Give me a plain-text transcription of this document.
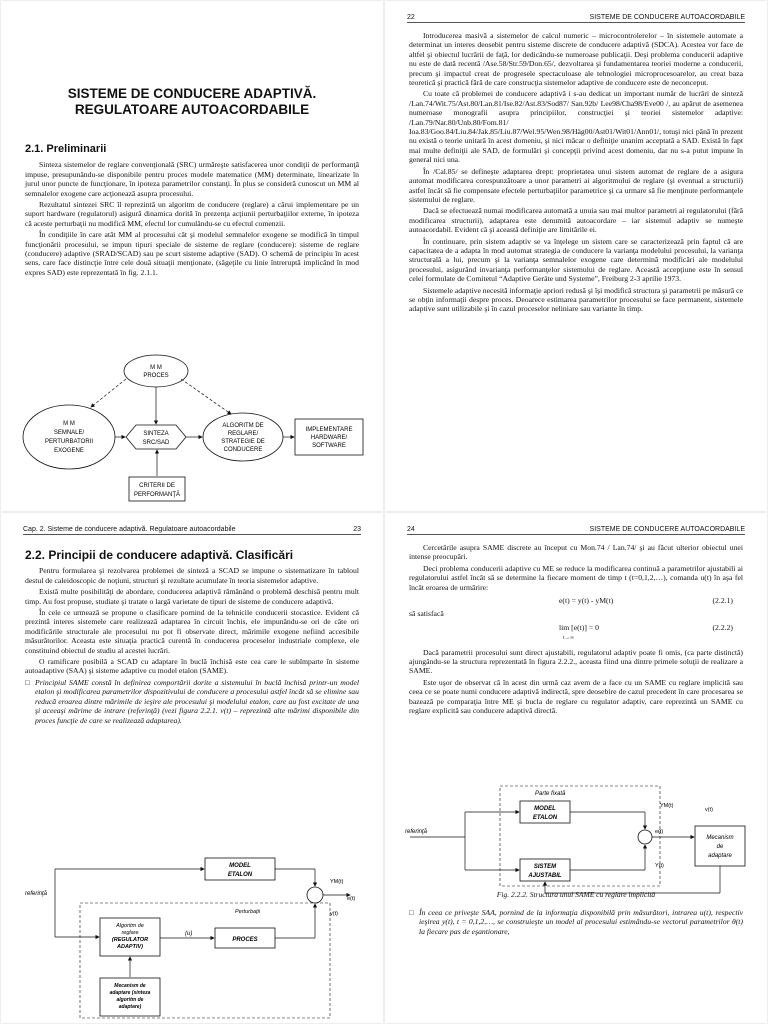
SISTEME DE CONDUCERE ADAPTIVĂ.
REGULATOARE AUTOACORDABILE
2.1. Preliminarii

Sinteza sistemelor de reglare convenţională (SRC) urmăreşte satisfacerea unor condiţii de performanţă impuse, presupunându-se disponibile pentru proces modele matematice (MM) determinate, linearizate în jurul unor puncte de funcţionare, în ipoteza parametrilor constanţi. În plus se consideră cunoscut un MM al semnalelor exogene care acţionează asupra procesului.

Rezultatul sintezei SRC îl reprezintă un algoritm de conducere (reglare) a cărui implementare pe un suport hardware (regulatorul) asigură dinamica dorită în prezenţa acţiunii perturbaţiilor externe, în ipoteza că aceste perturbaţii nu modifică MM, efectul lor cumulându-se cu efectul comenzii.

În condiţiile în care atât MM al procesului cât şi modelul semnalelor exogene se modifică în timpul funcţionării procesului, se impun tipuri speciale de sisteme de reglare (conducere): sisteme de reglare (conducere) adaptive (SRAD/SCAD) sau pe scurt sisteme adaptive (SAD). O schemă de principiu în acest sens, care face distincţie între cele două situaţii menţionate, (săgeţile cu linie întreruptă implicând în mod expres SAD) este reprezentată în fig. 2.1.1.

M M PROCES
M M SEMNALE/ PERTURBATORII EXOGENE
SINTEZA SRC/SAD
ALGORITM DE REGLARE/ STRATEGIE DE CONDUCERE
IMPLEMENTARE HARDWARE/ SOFTWARE
CRITERII DE PERFORMANŢĂ
22	SISTEME DE CONDUCERE AUTOACORDABILE

Introducerea masivă a sistemelor de calcul numeric – microcontrolerelor – în sistemele automate a determinat un interes deosebit pentru sisteme discrete de conducere adaptivă (SDCA). Acestea vor face de altfel şi obiectul lucrării de faţă, lor dedicându-se numeroase publicaţii. Deşi problema conducerii adaptive nu este de dată recentă /Ase.58/Str.59/Don.65/, dezvoltarea şi fundamentarea teoriei moderne a conducerii, precum şi impactul creat de progresele spectaculoase ale tehnologiei microprocesoarelor, au creat baza teoretică şi practică fără de care construcţia sistemelor adaptive de conducere este de neconceput.

Cu toate că problemei de conducere adaptivă i s-au dedicat un important număr de lucrări de sinteză /Lan.74/Wit.75/Ast.80/Lan.81/Ise.82/Ast.83/Sod87/ San.92b/ Lee98/Cha98/Eve00 /, au apărut de asemenea numeroase monografii asupra principiilor, construcţiei şi teoriei sistemelor adaptive: /Lan.79/Nar.80/Unb.80/Fom.81/ Ioa.83/Goo.84/Liu.84/Jak.85/Liu.87/Wel.95/Wen.98/Häg00/Ast01/Wit01/Ann01/, totuşi nici până în prezent nu există o teorie unitară în acest domeniu, şi nici măcar o definiţie unanim acceptată a SAD. Există în fapt mai multe definiţii ale SAD, de formulări şi concepţii privind acest domeniu, dar nu s-a putut impune în general nici una.

În /Cal.85/ se defineşte adaptarea drept: proprietatea unui sistem automat de reglare de a asigura automat modificarea corespunzătoare a unor parametri ai algoritmului de reglare (şi eventual a structurii) astfel încât să fie compensate efectele perturbaţiilor parametrice şi ca urmare să fie menţinute performanţele sistemului de reglare.

Dacă se efectuează numai modificarea automată a unuia sau mai multor parametri ai regulatorului (fără modificarea structurii), adaptarea este denumită autoacordare – iar sistemul adaptiv se numeşte autoacordabil. Evident că şi această definiţie are limitările ei.

În continuare, prin sistem adaptiv se va înţelege un sistem care se caracterizează prin faptul că are capacitatea de a adapta în mod automat strategia de conducere la varianţa modelului procesului, la varianţa structurală a lui, precum şi la varianţa semnalelor exogene care determină modificări ale modelului procesului, asigurând invarianţa performanţelor sistemului de reglare. Această accepţiune este în sensul celei formulate de Comitetul “Adaptive Geräte und Systeme”, Freiburg 2-3 aprilie 1973.

Sistemele adaptive necesită informaţie apriori redusă şi îşi modifică structura şi parametrii pe măsură ce se obţin informaţii despre proces. Deoarece estimarea parametrilor procesului se face permanent, sistemele adaptive sunt utilizabile şi în cazul proceselor neliniare sau variante în timp.

Cap. 2. Sisteme de conducere adaptivă. Regulatoare autoacordabile	23
2.2. Principii de conducere adaptivă. Clasificări

Pentru formularea şi rezolvarea problemei de sinteză a SCAD se impune o sistematizare în tabloul destul de caleidoscopic de noţiuni, structuri şi rezultate acumulate în teoria sistemelor adaptive.

Există multe posibilităţi de abordare, conducerea adaptivă rămânând o problemă deschisă pentru mult timp. Au fost propuse, studiate şi tratate o largă varietate de tipuri de sisteme de conducere adaptivă.

În cele ce urmează se propune o clasificare pornind de la tehnicile conducerii stocastice. Evident că prezintă interes sistemele care realizează adaptarea în circuit închis, ele impunându-se ori de câte ori modificările structurale ale procesului nu pot fi observate direct, mărimile exogene nefiind accesibile măsurătorilor. Aceasta este situaţia practică curentă în conducerea proceselor industriale complexe, ele constituind obiectul de studiu al acestei lucrări.

O ramificare posibilă a SCAD cu adaptare în buclă închisă este cea care le subîmparte în sisteme autoadaptive (SAA) şi sisteme adaptive cu model etalon (SAME).

□ Principiul SAME constă în definirea comportării dorite a sistemului în buclă închisă printr-un model etalon şi modificarea parametrilor dispozitivului de conducere a procesului astfel încât să se elimine sau reducă eroarea dintre mărimile de ieşire ale procesului şi modelului etalon, care au fost excitate de una şi aceeaşi mărime de intrare (referinţă) (vezi figura 2.2.1. v(t) – reprezintă alte mărimi disponibile din proces funcţie de care se realizează adaptarea).

MODEL ETALON
referinţă
Algoritm de reglare (REGULATOR ADAPTIV)
PROCES
Perturbaţii
(u)
YM(t)
e(t)
y(t)
Mecanism de adaptare (sinteza algoritm de adaptare)
24	SISTEME DE CONDUCERE AUTOACORDABILE

Cercetările asupra SAME discrete au început cu Mon.74 / Lan.74/ şi au făcut ulterior obiectul unei intense preocupări.

Deci problema conducerii adaptive cu ME se reduce la modificarea continuă a parametrilor ajustabili ai regulatorului astfel încât să se determine la fiecare moment de timp t (t=0,1,2,…), comanda u(t) în aşa fel încât eroarea de urmărire:

e(t) = y(t) - yM(t)	(2.2.1)
să satisfacă
lim [e(t)] = 0
t→∞
(2.2.2)

Dacă parametrii procesului sunt direct ajustabili, regulatorul adaptiv poate fi omis, (ca parte distinctă) ajungându-se la structura reprezentată în figura 2.2.2., aceasta fiind una dintre primele soluţii de realizare a SAME.

Este uşor de observat că în acest din urmă caz avem de a face cu un SAME cu reglare implicită sau ceea ce se poate numi conducere adaptivă indirectă, spre deosebire de cazul precedent în care procesarea se bazează pe comparaţia între ME şi bucla de reglare cu regulator adaptiv, care reprezintă un SAME cu reglare explicită sau conducere adaptivă directă.

Parte fixată
MODEL ETALON
SISTEM AJUSTABIL
referinţă
YM(t)
e(t)
Y(t)
v(t)
Mecanism de adaptare
Fig. 2.2.2. Structura unui SAME cu reglare implicită

□ În ceea ce priveşte SAA, pornind de la informaţia disponibilă prin măsurători, intrarea u(t), respectiv ieşirea y(t), t = 0,1,2,…, se construieşte un model al procesului estimându-se vectorul parametrilor θ(t) la fiecare pas de eşantionare,
